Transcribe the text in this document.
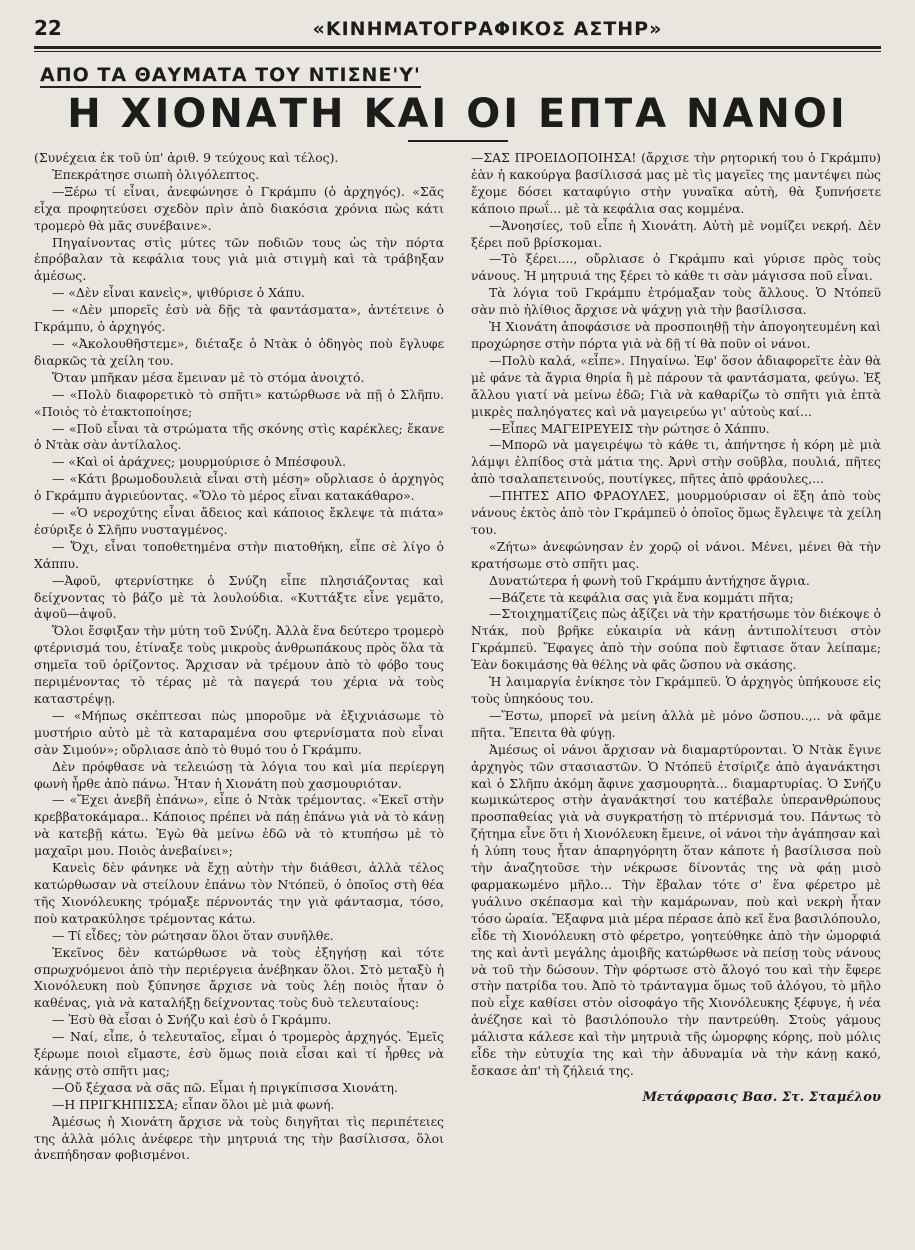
22	«ΚΙΝΗΜΑΤΟΓΡΑΦΙΚΟΣ ΑΣΤΗΡ»
ΑΠΟ ΤΑ ΘΑΥΜΑΤΑ ΤΟΥ ΝΤΙΣΝΕ'Υ'
Η ΧΙΟΝΑΤΗ ΚΑΙ ΟΙ ΕΠΤΑ ΝΑΝΟΙ

(Συνέχεια ἐκ τοῦ ὑπ' ἀριθ. 9 τεύχους καὶ τέλος).

Ἐπεκράτησε σιωπὴ ὀλιγόλεπτος.

—Ξέρω τί εἶναι, ἀνεφώνησε ὁ Γκράμπυ (ὁ ἀρχηγός). «Σᾶς εἶχα προφητεύσει σχεδὸν πρὶν ἀπὸ διακόσια χρόνια πὼς κάτι τρομερὸ θὰ μᾶς συνέβαινε».

Πηγαίνοντας στὶς μύτες τῶν ποδιῶν τους ὡς τὴν πόρτα ἐπρόβαλαν τὰ κεφάλια τους γιὰ μιὰ στιγμὴ καὶ τὰ τράβηξαν ἀμέσως.

— «Δὲν εἶναι κανεὶς», ψιθύρισε ὁ Χάπυ.

— «Δὲν μπορεῖς ἐσὺ νὰ δῇς τὰ φαντάσματα», ἀντέτεινε ὁ Γκράμπυ, ὁ ἀρχηγός.

— «Ἀκολουθῆστεμε», διέταξε ὁ Ντὰκ ὁ ὁδηγὸς ποὺ ἔγλυφε διαρκῶς τὰ χείλη του.

Ὅταν μπῆκαν μέσα ἔμειναν μὲ τὸ στόμα ἀνοιχτό.

— «Πολὺ διαφορετικὸ τὸ σπῆτι» κατώρθωσε νὰ πῇ ὁ Σλῆπυ. «Ποιὸς τὸ ἐτακτοποίησε;

— «Ποῦ εἶναι τὰ στρώματα τῆς σκόνης στὶς καρέκλες; ἔκανε ὁ Ντὰκ σὰν ἀντίλαλος.

— «Καὶ οἱ ἀράχνες; μουρμούρισε ὁ Μπέσφουλ.

— «Κάτι βρωμοδουλειὰ εἶναι στὴ μέση» οὔρλιασε ὁ ἀρχηγὸς ὁ Γκράμπυ ἀγριεύοντας. «Ὅλο τὸ μέρος εἶναι κατακάθαρο».

— «Ὁ νεροχύτης εἶναι ἄδειος καὶ κάποιος ἔκλεψε τὰ πιάτα» ἐσύριξε ὁ Σλῆπυ νυσταγμένος.

— Ὄχι, εἶναι τοποθετημένα στὴν πιατοθήκη, εἶπε σὲ λίγο ὁ Χάππυ.

—Ἀφοῦ, φτερνίστηκε ὁ Σνύζη εἶπε πλησιάζοντας καὶ δείχνοντας τὸ βάζο μὲ τὰ λουλούδια. «Κυττάξτε εἶνε γεμᾶτο, ἀψοῦ—ἀψοῦ.

Ὅλοι ἔσφιξαν τὴν μύτη τοῦ Σνύζη. Ἀλλὰ ἕνα δεύτερο τρομερὸ φτέρνισμά του, ἐτίναξε τοὺς μικροὺς ἀνθρωπάκους πρὸς ὅλα τὰ σημεῖα τοῦ ὁρίζοντος. Ἄρχισαν νὰ τρέμουν ἀπὸ τὸ φόβο τους περιμένοντας τὸ τέρας μὲ τὰ παγερά του χέρια νὰ τοὺς καταστρέψῃ.

— «Μήπως σκέπτεσαι πὼς μποροῦμε νὰ ἐξιχνιάσωμε τὸ μυστήριο αὐτὸ μὲ τὰ καταραμένα σου φτερνίσματα ποὺ εἶναι σὰν Σιμούν»; οὔρλιασε ἀπὸ τὸ θυμό του ὁ Γκράμπυ.

Δὲν πρόφθασε νὰ τελειώσῃ τὰ λόγια του καὶ μία περίεργη φωνὴ ἦρθε ἀπὸ πάνω. Ἦταν ἡ Χιονάτη ποὺ χασμουριόταν.

— «Ἔχει ἀνεβῆ ἐπάνω», εἶπε ὁ Ντὰκ τρέμοντας. «Ἐκεῖ στὴν κρεββατοκάμαρα.. Κάποιος πρέπει νὰ πάῃ ἐπάνω γιὰ νὰ τὸ κάνῃ νὰ κατεβῇ κάτω. Ἐγὼ θὰ μείνω ἐδῶ νὰ τὸ κτυπήσω μὲ τὸ μαχαῖρι μου. Ποιὸς ἀνεβαίνει»;

Κανεὶς δὲν φάνηκε νὰ ἔχῃ αὐτὴν τὴν διάθεσι, ἀλλὰ τέλος κατώρθωσαν νὰ στείλουν ἐπάνω τὸν Ντόπεϋ, ὁ ὁποῖος στὴ θέα τῆς Χιονόλευκης τρόμαξε πέρνοντάς την γιὰ φάντασμα, τόσο, ποὺ κατρακύλησε τρέμοντας κάτω.

— Τί εἶδες; τὸν ρώτησαν ὅλοι ὅταν συνῆλθε.

Ἐκεῖνος δὲν κατώρθωσε νὰ τοὺς ἐξηγήσῃ καὶ τότε σπρωχνόμενοι ἀπὸ τὴν περιέργεια ἀνέβηκαν ὅλοι. Στὸ μεταξὺ ἡ Χιονόλευκη ποὺ ξύπνησε ἄρχισε νὰ τοὺς λέῃ ποιὸς ἦταν ὁ καθένας, γιὰ νὰ καταλήξῃ δείχνοντας τοὺς δυὸ τελευταίους:

— Ἐσὺ θὰ εἶσαι ὁ Σνήζυ καὶ ἐσὺ ὁ Γκράμπυ.

— Ναί, εἶπε, ὁ τελευταῖος, εἶμαι ὁ τρομερὸς ἀρχηγός. Ἐμεῖς ξέρωμε ποιοὶ εἴμαστε, ἐσὺ ὅμως ποιὰ εἶσαι καὶ τί ἦρθες νὰ κάνῃς στὸ σπῆτι μας;

—Οὔ ξέχασα νὰ σᾶς πῶ. Εἶμαι ἡ πριγκίπισσα Χιονάτη.

—Η ΠΡΙΓΚΗΠΙΣΣΑ; εἶπαν ὅλοι μὲ μιὰ φωνή.

Ἀμέσως ἡ Χιονάτη ἄρχισε νὰ τοὺς διηγῆται τὶς περιπέτειες της ἀλλὰ μόλις ἀνέφερε τὴν μητρυιά της τὴν βασίλισσα, ὅλοι ἀνεπήδησαν φοβισμένοι.

—ΣΑΣ ΠΡΟΕΙΔΟΠΟΙΗΣΑ! (ἄρχισε τὴν ρητορική του ὁ Γκράμπυ) ἐὰν ἡ κακούργα βασίλισσά μας μὲ τὶς μαγεῖες της μαντέψει πὼς ἔχομε δόσει καταφύγιο στὴν γυναῖκα αὐτὴ, θὰ ξυπνήσετε κάποιο πρωΐ... μὲ τὰ κεφάλια σας κομμένα.

—Ἀνοησίες, τοῦ εἶπε ἡ Χιονάτη. Αὐτὴ μὲ νομίζει νεκρή. Δὲν ξέρει ποῦ βρίσκομαι.

—Τὸ ξέρει...., οὔρλιασε ὁ Γκράμπυ καὶ γύρισε πρὸς τοὺς νάνους. Ἡ μητρυιά της ξέρει τὸ κάθε τι σὰν μάγισσα ποῦ εἶναι.

Τὰ λόγια τοῦ Γκράμπυ ἐτρόμαξαν τοὺς ἄλλους. Ὁ Ντόπεϋ σὰν πιὸ ἠλίθιος ἄρχισε νὰ ψάχνῃ γιὰ τὴν βασίλισσα.

Ἡ Χιονάτη ἀποφάσισε νὰ προσποιηθῇ τὴν ἀπογοητευμένη καὶ προχώρησε στὴν πόρτα γιὰ νὰ δῇ τί θὰ ποῦν οἱ νάνοι.

—Πολὺ καλά, «εἶπε». Πηγαίνω. Ἐφ' ὅσον ἀδιαφορεῖτε ἐὰν θὰ μὲ φάνε τὰ ἄγρια θηρία ἢ μὲ πάρουν τὰ φαντάσματα, φεύγω. Ἐξ ἄλλου γιατί νὰ μείνω ἐδῶ; Γιὰ νὰ καθαρίζω τὸ σπῆτι γιὰ ἑπτὰ μικρὲς παληόγατες καὶ νὰ μαγειρεύω γι' αὐτοὺς καί...

—Εἶπες ΜΑΓΕΙΡΕΥΕΙΣ τὴν ρώτησε ὁ Χάππυ.

—Μπορῶ νὰ μαγειρέψω τὸ κάθε τι, ἀπήντησε ἡ κόρη μὲ μιὰ λάμψι ἐλπίδος στὰ μάτια της. Ἀρνὶ στὴν σοῦβλα, πουλιά, πῆτες ἀπὸ τσαλαπετεινούς, πουτίγκες, πῆτες ἀπὸ φράουλες,...

—ΠΗΤΕΣ ΑΠΟ ΦΡΑΟΥΛΕΣ, μουρμούρισαν οἱ ἕξη ἀπὸ τοὺς νάνους ἐκτὸς ἀπὸ τὸν Γκράμπεϋ ὁ ὁποῖος ὅμως ἔγλειψε τὰ χείλη του.

«Ζήτω» ἀνεφώνησαν ἐν χορῷ οἱ νάνοι. Μένει, μένει θὰ τὴν κρατήσωμε στὸ σπῆτι μας.

Δυνατώτερα ἡ φωνὴ τοῦ Γκράμπυ ἀντήχησε ἄγρια.

—Βάζετε τὰ κεφάλια σας γιὰ ἕνα κομμάτι πῆτα;

—Στοιχηματίζεις πὼς ἀξίζει νὰ τὴν κρατήσωμε τὸν διέκοψε ὁ Ντάκ, ποὺ βρῆκε εὐκαιρία νὰ κάνῃ ἀντιπολίτευσι στὸν Γκράμπεϋ. Ἔφαγες ἀπὸ τὴν σούπα ποὺ ἔφτιασε ὅταν λείπαμε; Ἐὰν δοκιμάσης θὰ θέλης νὰ φᾶς ὥσπου νὰ σκάσης.

Ἡ λαιμαργία ἐνίκησε τὸν Γκράμπεϋ. Ὁ ἀρχηγὸς ὑπήκουσε εἰς τοὺς ὑπηκόους του.

—Ἔστω, μπορεῖ νὰ μείνη ἀλλὰ μὲ μόνο ὥσπου..,.. νὰ φᾶμε πῆτα. Ἔπειτα θὰ φύγῃ.

Ἀμέσως οἱ νάνοι ἄρχισαν νὰ διαμαρτύρονται. Ὁ Ντὰκ ἔγινε ἀρχηγὸς τῶν στασιαστῶν. Ὁ Ντόπεϋ ἐτσίριζε ἀπὸ ἀγανάκτησι καὶ ὁ Σλῆπυ ἀκόμη ἄφινε χασμουρητὰ... διαμαρτυρίας. Ὁ Σνήζυ κωμικώτερος στὴν ἀγανάκτησί του κατέβαλε ὑπερανθρώπους προσπαθείας γιὰ νὰ συγκρατήσῃ τὸ πτέρνισμά του. Πάντως τὸ ζήτημα εἶνε ὅτι ἡ Χιονόλευκη ἔμεινε, οἱ νάνοι τὴν ἀγάπησαν καὶ ἡ λύπη τους ἦταν ἀπαρηγόρητη ὅταν κάποτε ἡ βασίλισσα ποὺ τὴν ἀναζητοῦσε τὴν νέκρωσε δίνοντάς της νὰ φάῃ μισὸ φαρμακωμένο μῆλο... Τὴν ἔβαλαν τότε σ' ἕνα φέρετρο μὲ γυάλινο σκέπασμα καὶ τὴν καμάρωναν, ποὺ καὶ νεκρὴ ἦταν τόσο ὡραία. Ἔξαφνα μιὰ μέρα πέρασε ἀπὸ κεῖ ἕνα βασιλόπουλο, εἶδε τὴ Χιονόλευκη στὸ φέρετρο, γοητεύθηκε ἀπὸ τὴν ὠμορφιά της καὶ ἀντὶ μεγάλης ἀμοιβῆς κατώρθωσε νὰ πείσῃ τοὺς νάνους νὰ τοῦ τὴν δώσουν. Τὴν φόρτωσε στὸ ἄλογό του καὶ τὴν ἔφερε στὴν πατρίδα του. Ἀπὸ τὸ τράνταγμα ὅμως τοῦ ἀλόγου, τὸ μῆλο ποὺ εἶχε καθίσει στὸν οἰσοφάγο τῆς Χιονόλευκης ξέφυγε, ἡ νέα ἀνέζησε καὶ τὸ βασιλόπουλο τὴν παντρεύθη. Στοὺς γάμους μάλιστα κάλεσε καὶ τὴν μητρυιὰ τῆς ὡμορφης κόρης, ποὺ μόλις εἶδε τὴν εὐτυχία της καὶ τὴν ἀδυναμία νὰ τὴν κάνῃ κακό, ἔσκασε ἀπ' τὴ ζήλειά της.

Μετάφρασις Βασ. Στ. Σταμέλου
